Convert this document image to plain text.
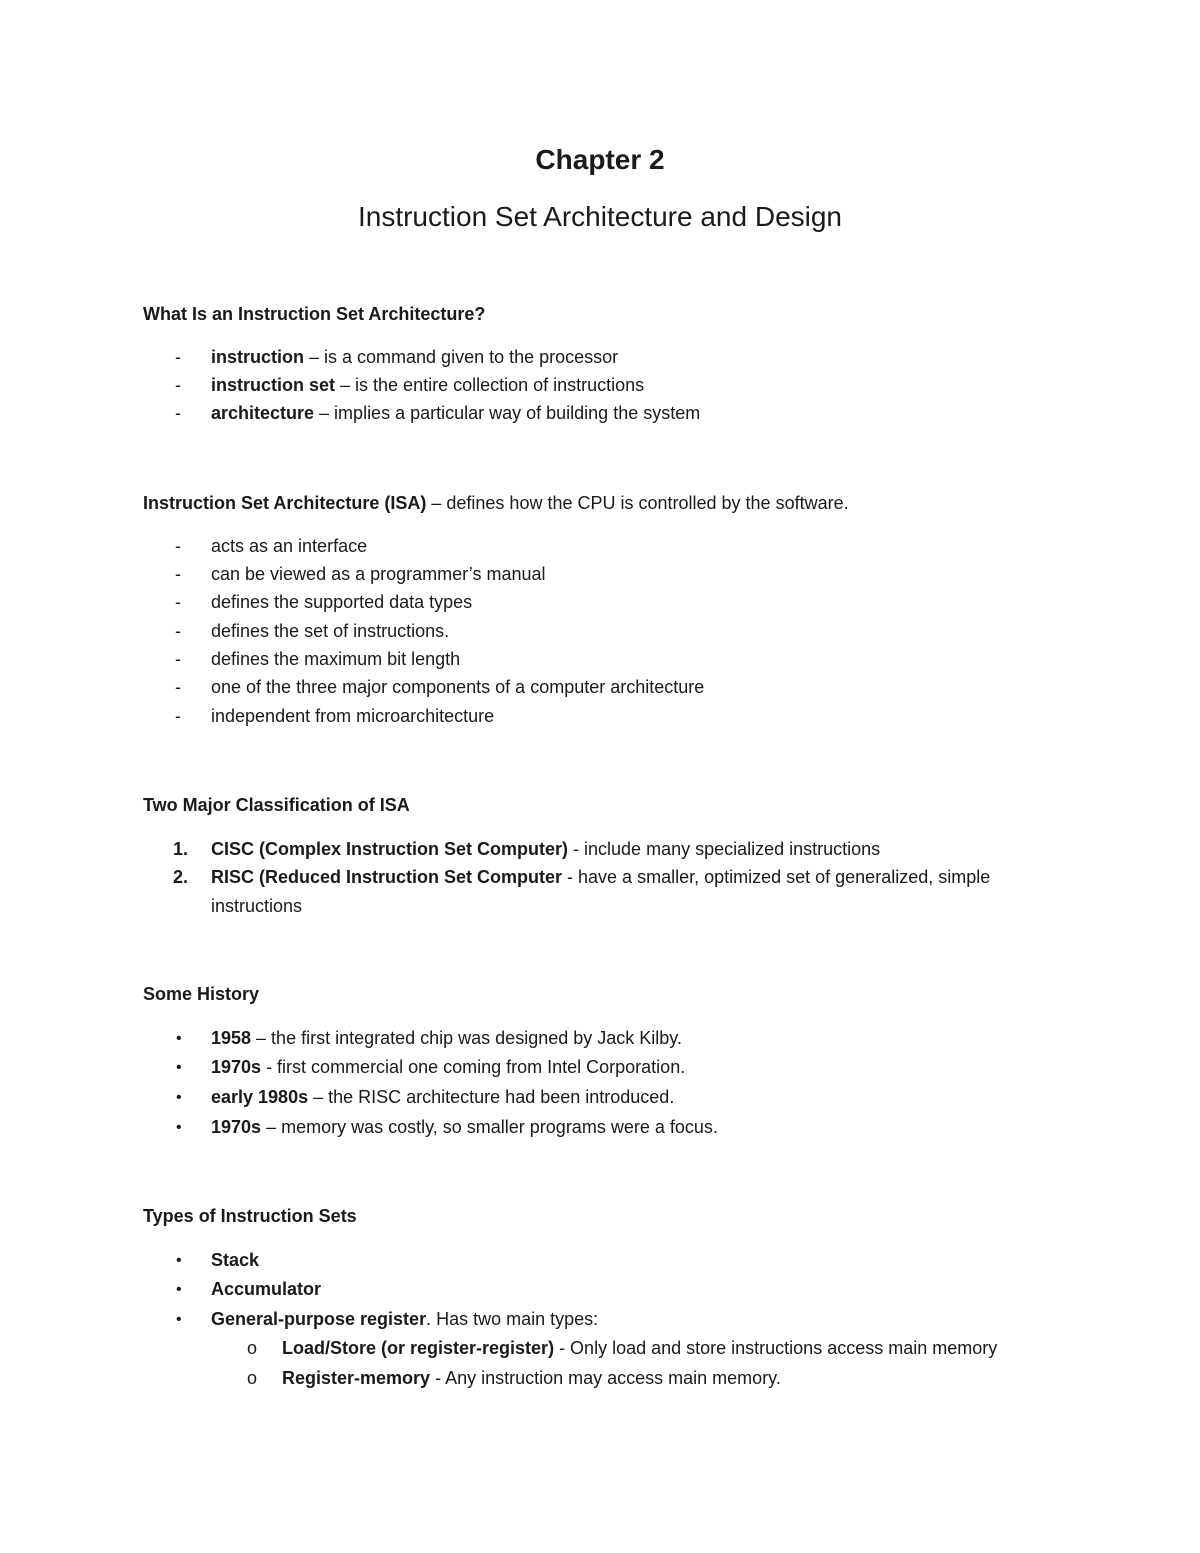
Chapter 2
Instruction Set Architecture and Design
What Is an Instruction Set Architecture?
- instruction – is a command given to the processor
- instruction set – is the entire collection of instructions
- architecture – implies a particular way of building the system
Instruction Set Architecture (ISA) – defines how the CPU is controlled by the software.
- acts as an interface
- can be viewed as a programmer’s manual
- defines the supported data types
- defines the set of instructions.
- defines the maximum bit length
- one of the three major components of a computer architecture
- independent from microarchitecture
Two Major Classification of ISA
1. CISC (Complex Instruction Set Computer) - include many specialized instructions
2. RISC (Reduced Instruction Set Computer - have a smaller, optimized set of generalized, simple
instructions
Some History
• 1958 – the first integrated chip was designed by Jack Kilby.
• 1970s - first commercial one coming from Intel Corporation.
• early 1980s – the RISC architecture had been introduced.
• 1970s – memory was costly, so smaller programs were a focus.
Types of Instruction Sets
• Stack
• Accumulator
• General-purpose register. Has two main types:
o Load/Store (or register-register) - Only load and store instructions access main memory
o Register-memory - Any instruction may access main memory.
